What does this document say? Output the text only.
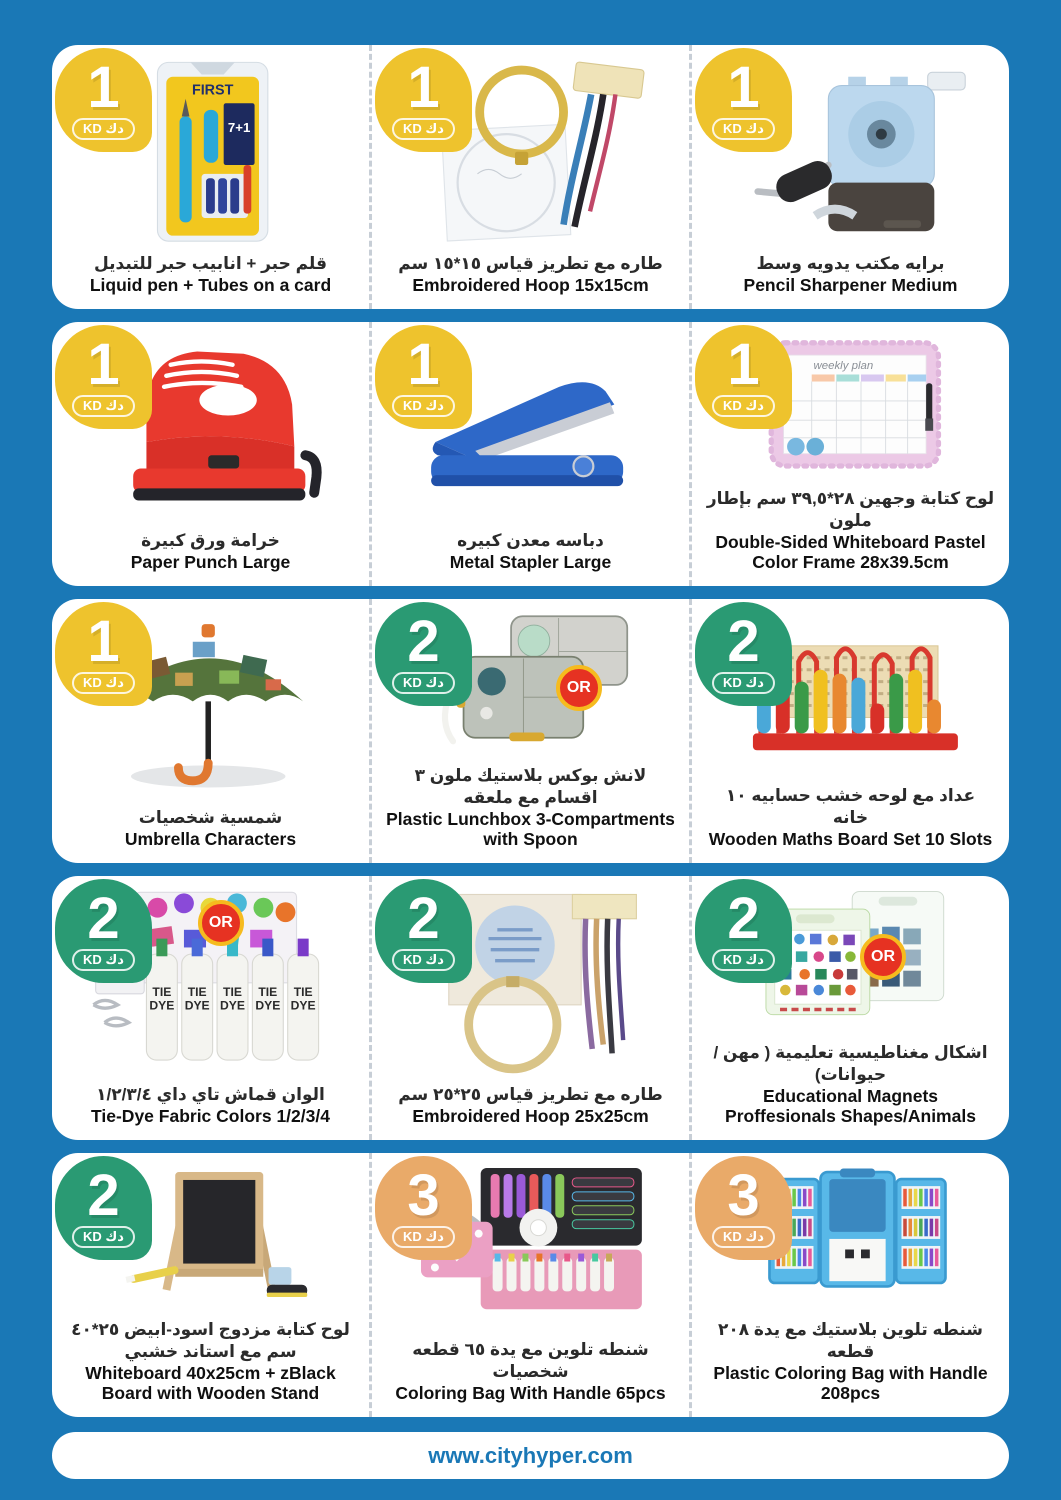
1
KD دك
FIRST
7+1
قلم حبر + انابيب حبر للتبديل
Liquid pen + Tubes on a card
1
KD دك
طاره مع تطريز قياس ١٥*١٥ سم
Embroidered Hoop 15x15cm
1
KD دك
برايه مكتب يدويه وسط
Pencil Sharpener Medium
1
KD دك
خرامة ورق كبيرة
Paper Punch Large
1
KD دك
دباسه معدن كبيره
Metal Stapler Large
1
KD دك
weekly plan
لوح كتابة وجهين ٢٨*٣٩,٥ سم بإطار ملون
Double-Sided Whiteboard Pastel Color Frame 28x39.5cm
1
KD دك
شمسية شخصيات
Umbrella Characters
2
KD دك	OR
لانش بوكس بلاستيك ملون ٣ اقسام مع ملعقه
Plastic Lunchbox 3-Compartments with Spoon
2
KD دك
عداد مع لوحه خشب حسابيه ١٠ خانه
Wooden Maths Board Set 10 Slots
2
KD دك
OR
TIE
DYE
TIE
DYE
TIE
DYE
TIE
DYE
TIE
DYE
الوان قماش تاي داي ١/٢/٣/٤
Tie-Dye Fabric Colors 1/2/3/4
2
KD دك
طاره مع تطريز قياس ٢٥*٢٥ سم
Embroidered Hoop 25x25cm
2
KD دك	OR
اشكال مغناطيسية تعليمية ( مهن /حيوانات)
Educational Magnets Proffesionals Shapes/Animals
2
KD دك
لوح كتابة مزدوج اسود-ابيض ٢٥*٤٠ سم مع استاند خشبي
Whiteboard 40x25cm + zBlack Board with Wooden Stand
3
KD دك
شنطه تلوين مع يدة ٦٥ قطعه شخصيات
Coloring Bag With Handle 65pcs
3
KD دك
شنطه تلوين بلاستيك مع يدة ٢٠٨ قطعه
Plastic Coloring Bag with Handle 208pcs
www.cityhyper.com
